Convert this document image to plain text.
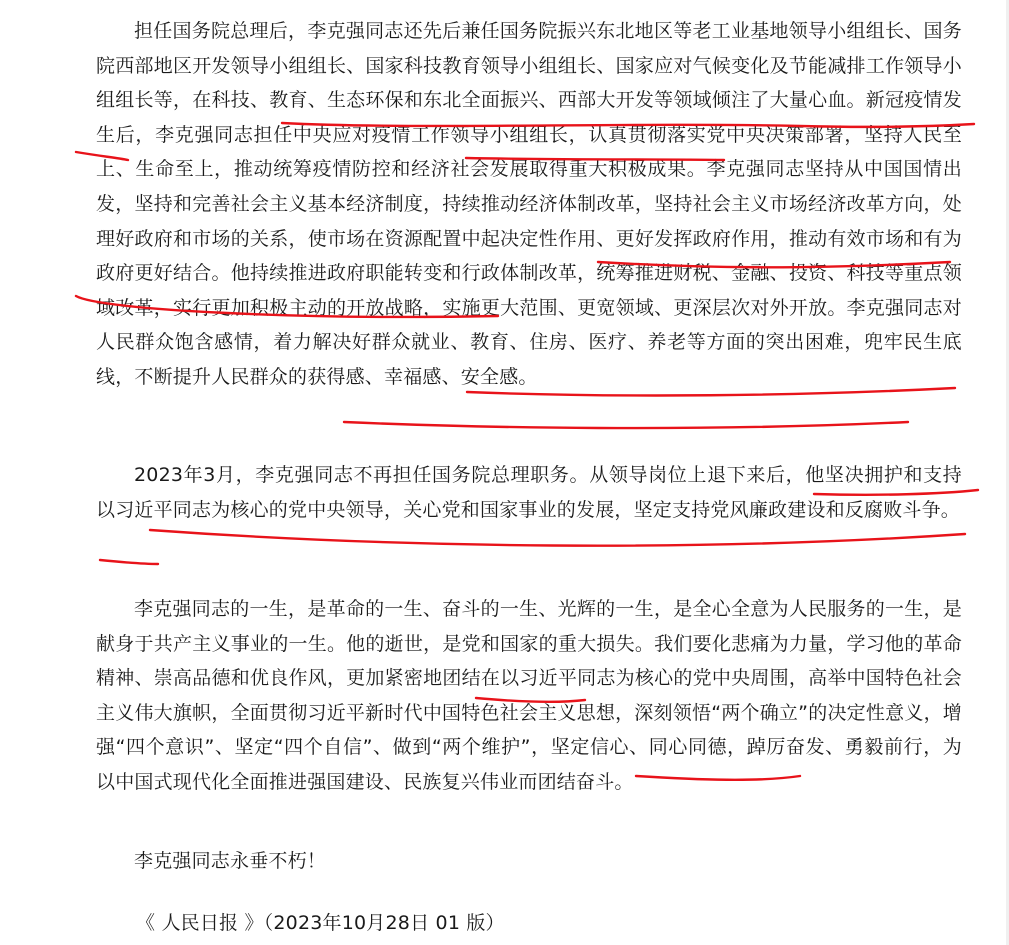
担任国务院总理后，李克强同志还先后兼任国务院振兴东北地区等老工业基地领导小组组长、国务院西部地区开发领导小组组长、国家科技教育领导小组组长、国家应对气候变化及节能减排工作领导小组组长等，在科技、教育、生态环保和东北全面振兴、西部大开发等领域倾注了大量心血。新冠疫情发生后，李克强同志担任中央应对疫情工作领导小组组长，认真贯彻落实党中央决策部署，坚持人民至上、生命至上，推动统筹疫情防控和经济社会发展取得重大积极成果。李克强同志坚持从中国国情出发，坚持和完善社会主义基本经济制度，持续推动经济体制改革，坚持社会主义市场经济改革方向，处理好政府和市场的关系，使市场在资源配置中起决定性作用、更好发挥政府作用，推动有效市场和有为政府更好结合。他持续推进政府职能转变和行政体制改革，统筹推进财税、金融、投资、科技等重点领域改革，实行更加积极主动的开放战略，实施更大范围、更宽领域、更深层次对外开放。李克强同志对人民群众饱含感情，着力解决好群众就业、教育、住房、医疗、养老等方面的突出困难，兜牢民生底线，不断提升人民群众的获得感、幸福感、安全感。

2023年3月，李克强同志不再担任国务院总理职务。从领导岗位上退下来后，他坚决拥护和支持以习近平同志为核心的党中央领导，关心党和国家事业的发展，坚定支持党风廉政建设和反腐败斗争。

李克强同志的一生，是革命的一生、奋斗的一生、光辉的一生，是全心全意为人民服务的一生，是献身于共产主义事业的一生。他的逝世，是党和国家的重大损失。我们要化悲痛为力量，学习他的革命精神、崇高品德和优良作风，更加紧密地团结在以习近平同志为核心的党中央周围，高举中国特色社会主义伟大旗帜，全面贯彻习近平新时代中国特色社会主义思想，深刻领悟“两个确立”的决定性意义，增强“四个意识”、坚定“四个自信”、做到“两个维护”，坚定信心、同心同德，踔厉奋发、勇毅前行，为以中国式现代化全面推进强国建设、民族复兴伟业而团结奋斗。

李克强同志永垂不朽！

《 人民日报 》（2023年10月28日 01 版）
